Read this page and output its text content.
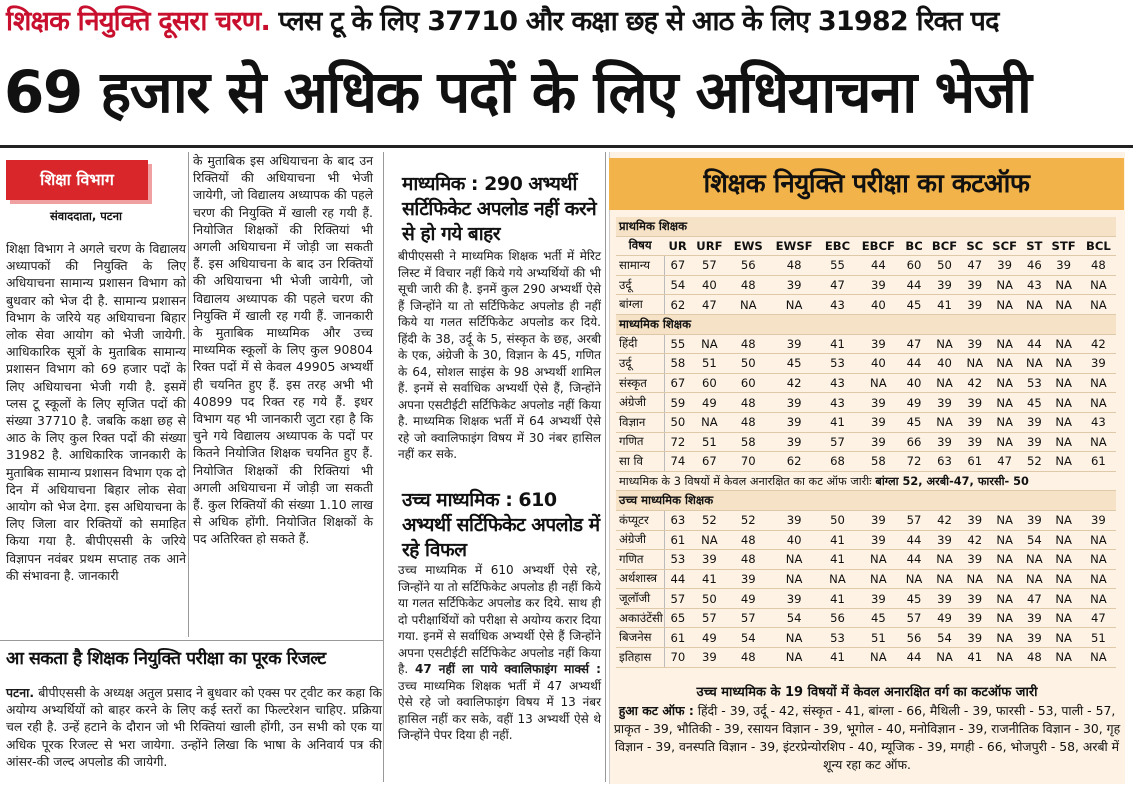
शिक्षक नियुक्ति दूसरा चरण. प्लस टू के लिए 37710 और कक्षा छह से आठ के लिए 31982 रिक्त पद
69 हजार से अधिक पदों के लिए अधियाचना भेजी
शिक्षा विभाग
संवाददाता, पटना
शिक्षा विभाग ने अगले चरण के विद्यालय अध्यापकों की नियुक्ति के लिए अधियाचना सामान्य प्रशासन विभाग को बुधवार को भेज दी है. सामान्य प्रशासन विभाग के जरिये यह अधियाचना बिहार लोक सेवा आयोग को भेजी जायेगी. आधिकारिक सूत्रों के मुताबिक सामान्य प्रशासन विभाग को 69 हजार पदों के लिए अधियाचना भेजी गयी है. इसमें प्लस टू स्कूलों के लिए सृजित पदों की संख्या 37710 है. जबकि कक्षा छह से आठ के लिए कुल रिक्त पदों की संख्या 31982 है. आधिकारिक जानकारी के मुताबिक सामान्य प्रशासन विभाग एक दो दिन में अधियाचना बिहार लोक सेवा आयोग को भेज देगा. इस अधियाचना के लिए जिला वार रिक्तियों को समाहित किया गया है. बीपीएससी के जरिये विज्ञापन नवंबर प्रथम सप्ताह तक आने की संभावना है. जानकारी
के मुताबिक इस अधियाचना के बाद उन रिक्तियों की अधियाचना भी भेजी जायेगी, जो विद्यालय अध्यापक की पहले चरण की नियुक्ति में खाली रह गयी हैं. नियोजित शिक्षकों की रिक्तियां भी अगली अधियाचना में जोड़ी जा सकती हैं. इस अधियाचना के बाद उन रिक्तियों की अधियाचना भी भेजी जायेगी, जो विद्यालय अध्यापक की पहले चरण की नियुक्ति में खाली रह गयी हैं. जानकारी के मुताबिक माध्यमिक और उच्च माध्यमिक स्कूलों के लिए कुल 90804 रिक्त पदों में से केवल 49905 अभ्यर्थी ही चयनित हुए हैं. इस तरह अभी भी 40899 पद रिक्त रह गये हैं. इधर विभाग यह भी जानकारी जुटा रहा है कि चुने गये विद्यालय अध्यापक के पदों पर कितने नियोजित शिक्षक चयनित हुए हैं. नियोजित शिक्षकों की रिक्तियां भी अगली अधियाचना में जोड़ी जा सकती हैं. कुल रिक्तियों की संख्या 1.10 लाख से अधिक होंगी. नियोजित शिक्षकों के पद अतिरिक्त हो सकते हैं.
आ सकता है शिक्षक नियुक्ति परीक्षा का पूरक रिजल्ट
पटना. बीपीएससी के अध्यक्ष अतुल प्रसाद ने बुधवार को एक्स पर ट्वीट कर कहा कि अयोग्य अभ्यर्थियों को बाहर करने के लिए कई स्तरों का फिल्टरेशन चाहिए. प्रक्रिया चल रही है. उन्हें हटाने के दौरान जो भी रिक्तियां खाली होंगी, उन सभी को एक या अधिक पूरक रिजल्ट से भरा जायेगा. उन्होंने लिखा कि भाषा के अनिवार्य पत्र की आंसर-की जल्द अपलोड की जायेगी.
माध्यमिक : 290 अभ्यर्थी सर्टिफिकेट अपलोड नहीं करने से हो गये बाहर
बीपीएससी ने माध्यमिक शिक्षक भर्ती में मेरिट लिस्ट में विचार नहीं किये गये अभ्यर्थियों की भी सूची जारी की है. इनमें कुल 290 अभ्यर्थी ऐसे हैं जिन्होंने या तो सर्टिफिकेट अपलोड ही नहीं किये या गलत सर्टिफिकेट अपलोड कर दिये. हिंदी के 38, उर्दू के 5, संस्कृत के छह, अरबी के एक, अंग्रेजी के 30, विज्ञान के 45, गणित के 64, सोशल साइंस के 98 अभ्यर्थी शामिल हैं. इनमें से सर्वाधिक अभ्यर्थी ऐसे हैं, जिन्होंने अपना एसटीईटी सर्टिफिकेट अपलोड नहीं किया है. माध्यमिक शिक्षक भर्ती में 64 अभ्यर्थी ऐसे रहे जो क्वालिफाइंग विषय में 30 नंबर हासिल नहीं कर सके.
उच्च माध्यमिक : 610 अभ्यर्थी सर्टिफिकेट अपलोड में रहे विफल
उच्च माध्यमिक में 610 अभ्यर्थी ऐसे रहे, जिन्होंने या तो सर्टिफिकेट अपलोड ही नहीं किये या गलत सर्टिफिकेट अपलोड कर दिये. साथ ही दो परीक्षार्थियों को परीक्षा से अयोग्य करार दिया गया. इनमें से सर्वाधिक अभ्यर्थी ऐसे हैं जिन्होंने अपना एसटीईटी सर्टिफिकेट अपलोड नहीं किया है. 47 नहीं ला पाये क्वालिफाइंग मार्क्स : उच्च माध्यमिक शिक्षक भर्ती में 47 अभ्यर्थी ऐसे रहे जो क्वालिफाइंग विषय में 13 नंबर हासिल नहीं कर सके, वहीं 13 अभ्यर्थी ऐसे थे जिन्होंने पेपर दिया ही नहीं.
शिक्षक नियुक्ति परीक्षा का कटऑफ
प्राथमिक शिक्षक													
विषय	UR	URF	EWS	EWSF	EBC	EBCF	BC	BCF	SC	SCF	ST	STF	BCL
सामान्य	67	57	56	48	55	44	60	50	47	39	46	39	48
उर्दू	54	40	48	39	47	39	44	39	39	NA	43	NA	NA
बांग्ला	62	47	NA	NA	43	40	45	41	39	NA	NA	NA	NA
माध्यमिक शिक्षक													
हिंदी	55	NA	48	39	41	39	47	NA	39	NA	44	NA	42
उर्दू	58	51	50	45	53	40	44	40	NA	NA	NA	NA	39
संस्कृत	67	60	60	42	43	NA	40	NA	42	NA	53	NA	NA
अंग्रेजी	59	49	48	39	43	39	49	39	39	NA	45	NA	NA
विज्ञान	50	NA	48	39	41	39	45	NA	39	NA	39	NA	43
गणित	72	51	58	39	57	39	66	39	39	NA	39	NA	NA
सा वि	74	67	70	62	68	58	72	63	61	47	52	NA	61
माध्यमिक के 3 विषयों में केवल अनारक्षित का कट ऑफ जारीः बांग्ला 52, अरबी-47, फारसी- 50													
उच्च माध्यमिक शिक्षक													
कंप्यूटर	63	52	52	39	50	39	57	42	39	NA	39	NA	39
अंग्रेजी	61	NA	48	40	41	39	44	39	42	NA	54	NA	NA
गणित	53	39	48	NA	41	NA	44	NA	39	NA	NA	NA	NA
अर्थशास्त्र	44	41	39	NA	NA	NA	NA	NA	NA	NA	NA	NA	NA
जूलॉजी	57	50	49	39	41	39	45	39	39	NA	47	NA	NA
अकाउंटेंसी	65	57	57	54	56	45	57	49	39	NA	39	NA	47
बिजनेस	61	49	54	NA	53	51	56	54	39	NA	39	NA	51
इतिहास	70	39	48	NA	41	NA	44	NA	41	NA	48	NA	NA
उच्च माध्यमिक के 19 विषयों में केवल अनारक्षित वर्ग का कटऑफ जारी
हुआ कट ऑफ : हिंदी - 39, उर्दू - 42, संस्कृत - 41, बांग्ला - 66, मैथिली - 39, फारसी - 53, पाली - 57, प्राकृत - 39, भौतिकी - 39, रसायन विज्ञान - 39, भूगोल - 40, मनोविज्ञान - 39, राजनीतिक विज्ञान - 30, गृह विज्ञान - 39, वनस्पति विज्ञान - 39, इंटरप्रेन्योरशिप - 40, म्यूजिक - 39, मगही - 66, भोजपुरी - 58, अरबी में शून्य रहा कट ऑफ.
